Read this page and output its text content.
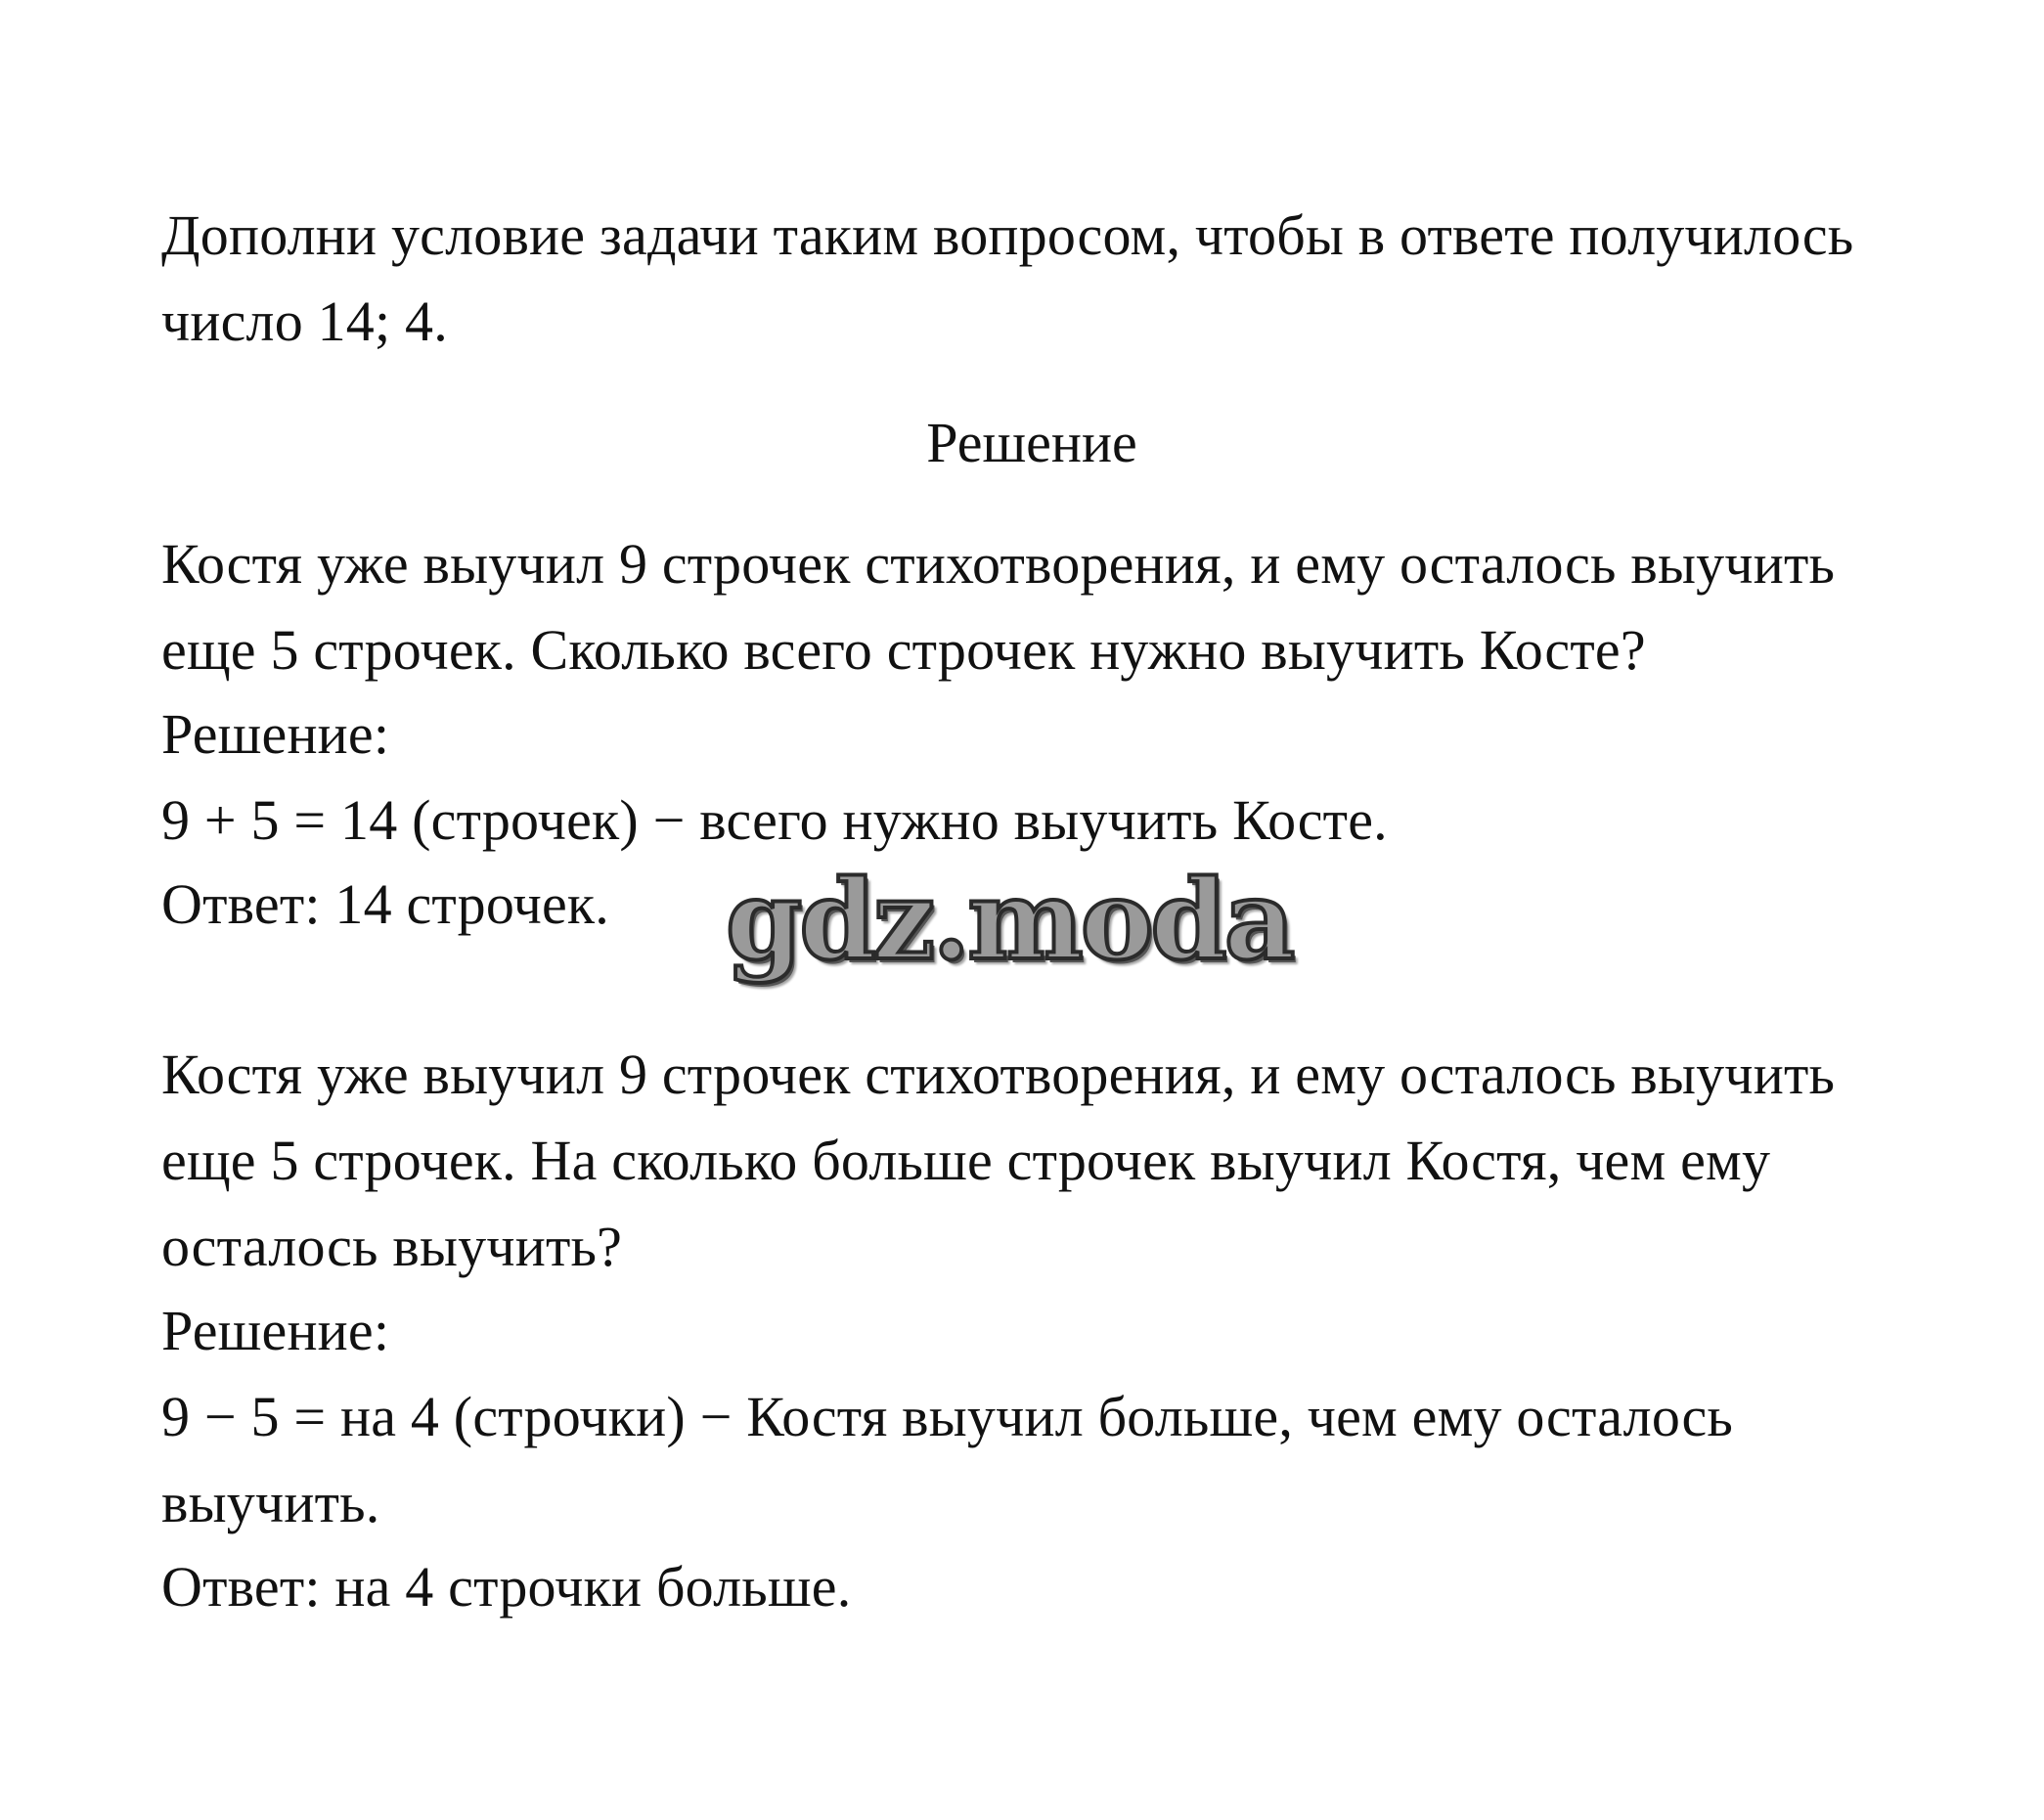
Дополни условие задачи таким вопросом, чтобы в ответе получилось
число 14; 4.
Решение
Костя уже выучил 9 строчек стихотворения, и ему осталось выучить
еще 5 строчек. Сколько всего строчек нужно выучить Косте?
Решение:
9 + 5 = 14 (строчек) − всего нужно выучить Косте.
Ответ: 14 строчек. gdz.moda
Костя уже выучил 9 строчек стихотворения, и ему осталось выучить
еще 5 строчек. На сколько больше строчек выучил Костя, чем ему
осталось выучить?
Решение:
9 − 5 = на 4 (строчки) − Костя выучил больше, чем ему осталось
выучить.
Ответ: на 4 строчки больше.
